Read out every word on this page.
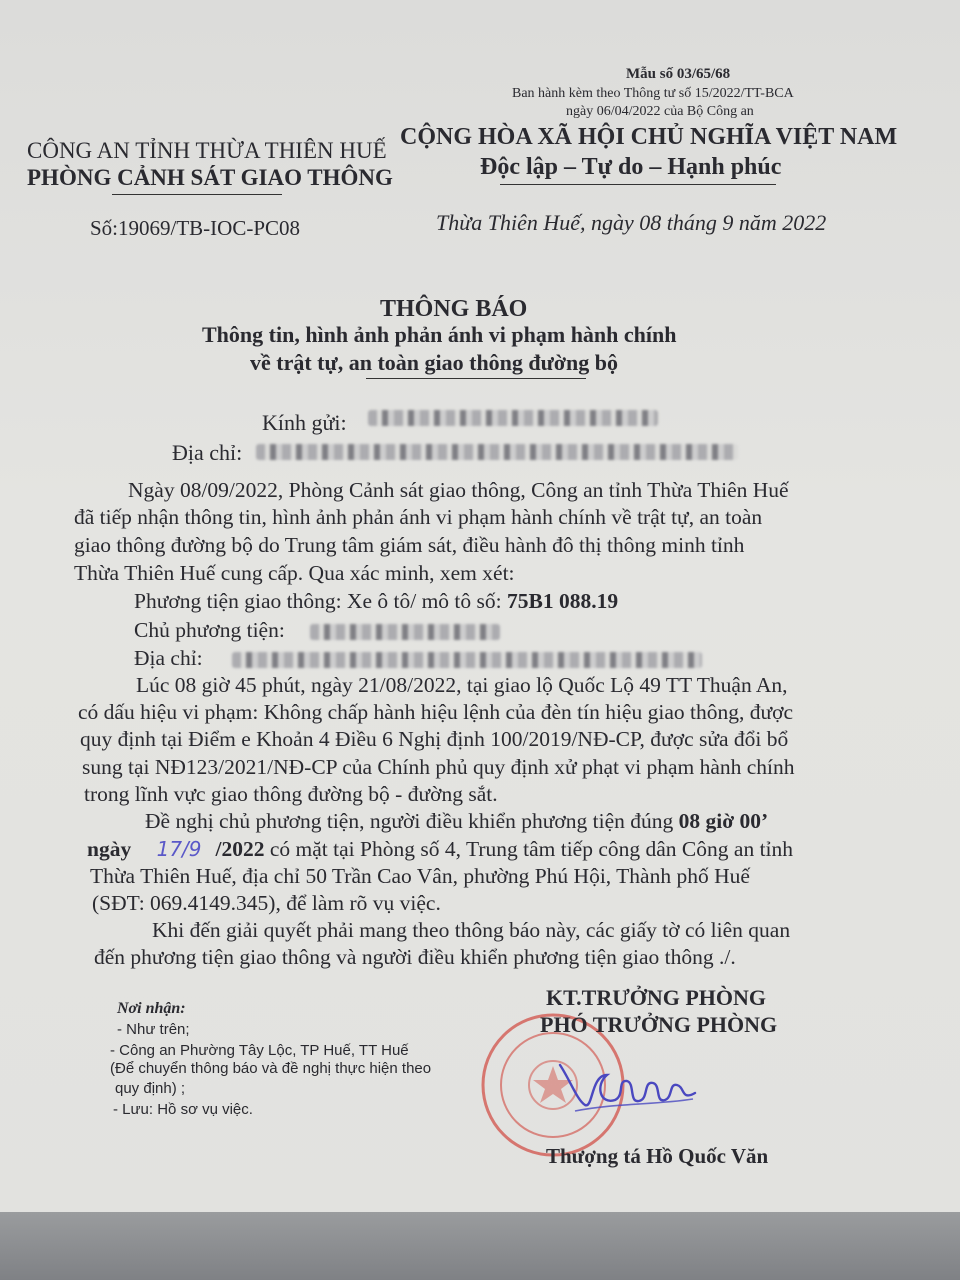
Mẫu số 03/65/68
Ban hành kèm theo Thông tư số 15/2022/TT-BCA
ngày 06/04/2022 của Bộ Công an
CÔNG AN TỈNH THỪA THIÊN HUẾ
PHÒNG CẢNH SÁT GIAO THÔNG
CỘNG HÒA XÃ HỘI CHỦ NGHĨA VIỆT NAM
Độc lập – Tự do – Hạnh phúc
Số:19069/TB-IOC-PC08	Thừa Thiên Huế, ngày 08 tháng 9 năm 2022
THÔNG BÁO
Thông tin, hình ảnh phản ánh vi phạm hành chính
về trật tự, an toàn giao thông đường bộ
Kính gửi:
Địa chỉ:
Ngày 08/09/2022, Phòng Cảnh sát giao thông, Công an tỉnh Thừa Thiên Huế
đã tiếp nhận thông tin, hình ảnh phản ánh vi phạm hành chính về trật tự, an toàn
giao thông đường bộ do Trung tâm giám sát, điều hành đô thị thông minh tỉnh
Thừa Thiên Huế cung cấp. Qua xác minh, xem xét:
Phương tiện giao thông: Xe ô tô/ mô tô số: 75B1 088.19
Chủ phương tiện:
Địa chỉ:
Lúc 08 giờ 45 phút, ngày 21/08/2022, tại giao lộ Quốc Lộ 49 TT Thuận An,
có dấu hiệu vi phạm: Không chấp hành hiệu lệnh của đèn tín hiệu giao thông, được
quy định tại Điểm e Khoản 4 Điều 6 Nghị định 100/2019/NĐ-CP, được sửa đổi bổ
sung tại NĐ123/2021/NĐ-CP của Chính phủ quy định xử phạt vi phạm hành chính
trong lĩnh vực giao thông đường bộ - đường sắt.
Đề nghị chủ phương tiện, người điều khiển phương tiện đúng 08 giờ 00’
ngày 17/9 /2022 có mặt tại Phòng số 4, Trung tâm tiếp công dân Công an tỉnh
Thừa Thiên Huế, địa chỉ 50 Trần Cao Vân, phường Phú Hội, Thành phố Huế
(SĐT: 069.4149.345), để làm rõ vụ việc.
Khi đến giải quyết phải mang theo thông báo này, các giấy tờ có liên quan
đến phương tiện giao thông và người điều khiển phương tiện giao thông ./.
Nơi nhận:
- Như trên;
- Công an Phường Tây Lộc, TP Huế, TT Huế
(Để chuyển thông báo và đề nghị thực hiện theo
quy định) ;
- Lưu: Hồ sơ vụ việc.
KT.TRƯỞNG PHÒNG
PHÓ TRƯỞNG PHÒNG
Thượng tá Hồ Quốc Văn
